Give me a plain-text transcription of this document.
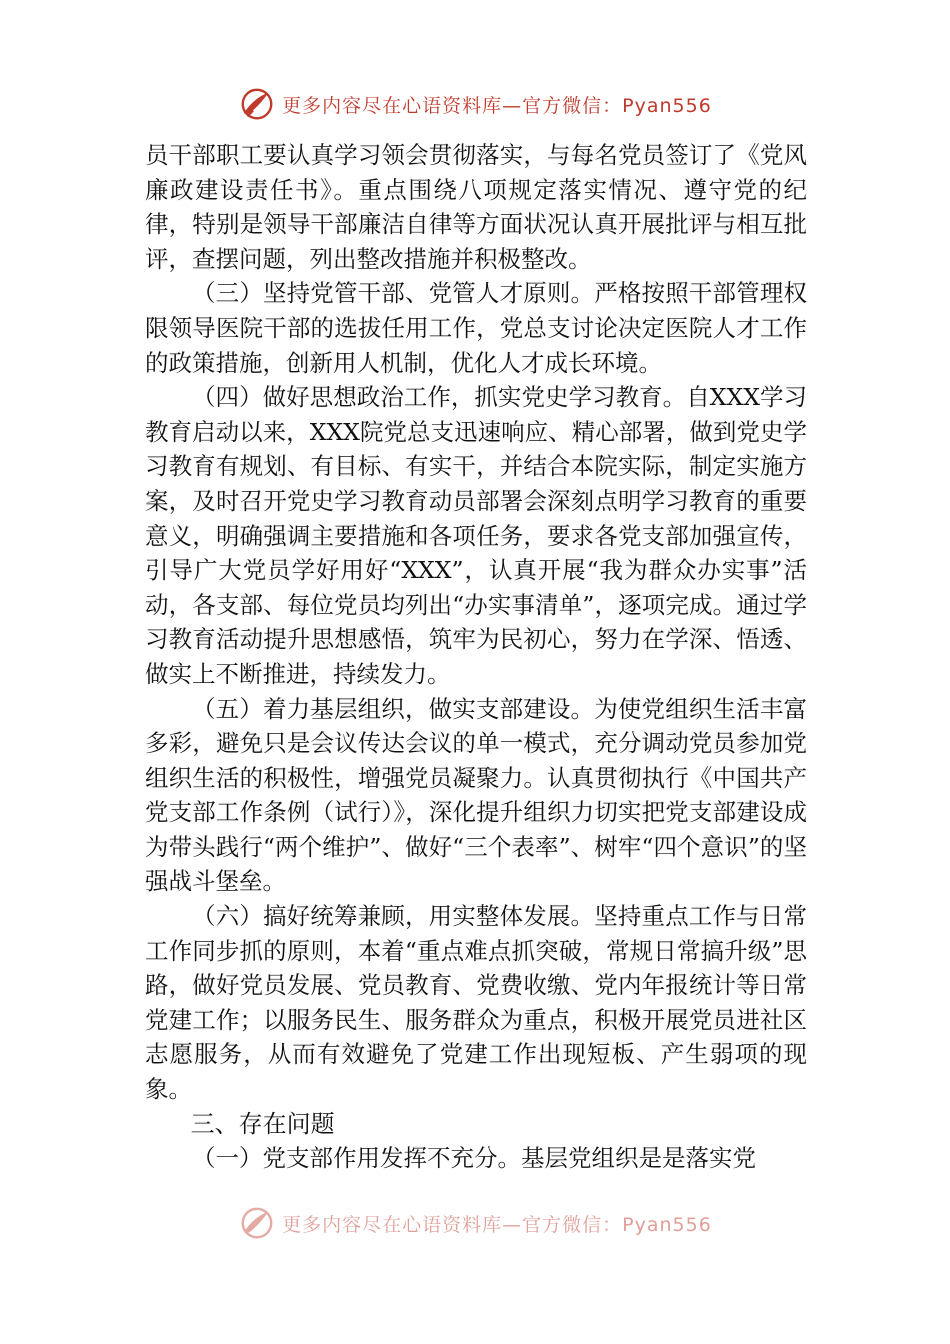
更多内容尽在心语资料库—官方微信：Pyan556

员干部职工要认真学习领会贯彻落实，与每名党员签订了《党风廉政建设责任书》。重点围绕八项规定落实情况、遵守党的纪律，特别是领导干部廉洁自律等方面状况认真开展批评与相互批评，查摆问题，列出整改措施并积极整改。

（三）坚持党管干部、党管人才原则。严格按照干部管理权限领导医院干部的选拔任用工作，党总支讨论决定医院人才工作的政策措施，创新用人机制，优化人才成长环境。

（四）做好思想政治工作，抓实党史学习教育。自XXX学习教育启动以来，XXX院党总支迅速响应、精心部署，做到党史学习教育有规划、有目标、有实干，并结合本院实际，制定实施方案，及时召开党史学习教育动员部署会深刻点明学习教育的重要意义，明确强调主要措施和各项任务，要求各党支部加强宣传，引导广大党员学好用好“XXX”，认真开展“我为群众办实事”活动，各支部、每位党员均列出“办实事清单”，逐项完成。通过学习教育活动提升思想感悟，筑牢为民初心，努力在学深、悟透、做实上不断推进，持续发力。

（五）着力基层组织，做实支部建设。为使党组织生活丰富多彩，避免只是会议传达会议的单一模式，充分调动党员参加党组织生活的积极性，增强党员凝聚力。认真贯彻执行《中国共产党支部工作条例（试行）》，深化提升组织力切实把党支部建设成为带头践行“两个维护”、做好“三个表率”、树牢“四个意识”的坚强战斗堡垒。

（六）搞好统筹兼顾，用实整体发展。坚持重点工作与日常工作同步抓的原则，本着“重点难点抓突破，常规日常搞升级”思路，做好党员发展、党员教育、党费收缴、党内年报统计等日常党建工作；以服务民生、服务群众为重点，积极开展党员进社区志愿服务，从而有效避免了党建工作出现短板、产生弱项的现象。

三、存在问题

（一）党支部作用发挥不充分。基层党组织是是落实党

更多内容尽在心语资料库—官方微信：Pyan556
